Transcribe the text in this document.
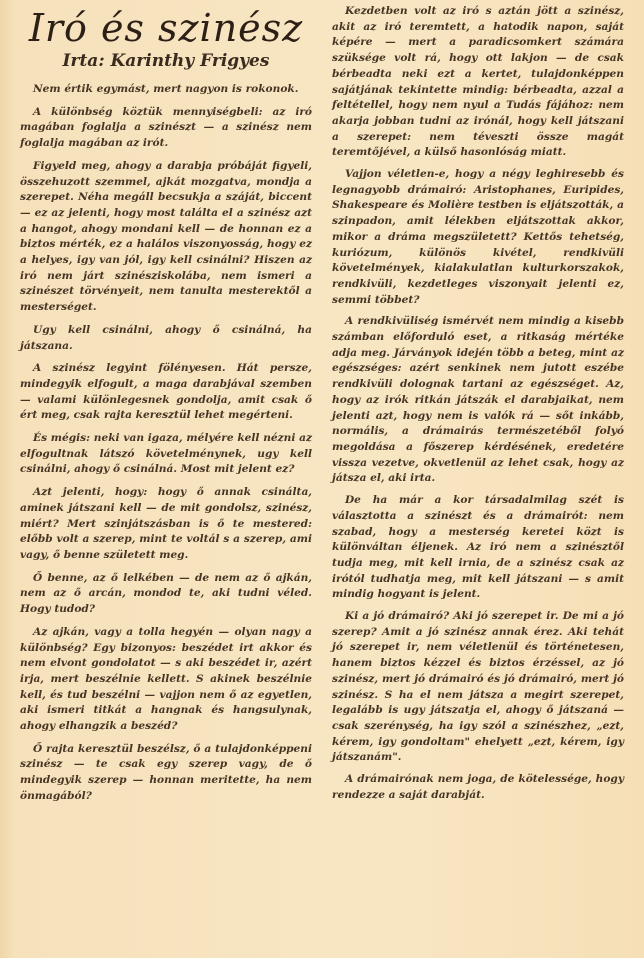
Iró és szinész
Irta: Karinthy Frigyes

Nem értik egymást, mert nagyon is rokonok.

A különbség köztük mennyiségbeli: az iró magában foglalja a szinészt — a szinész nem foglalja magában az irót.

Figyeld meg, ahogy a darabja próbáját figyeli, összehuzott szemmel, ajkát mozgatva, mondja a szerepet. Néha megáll becsukja a száját, biccent — ez az jelenti, hogy most találta el a szinész azt a hangot, ahogy mondani kell — de honnan ez a biztos mérték, ez a halálos viszonyosság, hogy ez a helyes, igy van jól, igy kell csinálni? Hiszen az iró nem járt szinésziskolába, nem ismeri a szinészet törvényeit, nem tanulta mesterektől a mesterséget.

Ugy kell csinálni, ahogy ő csinálná, ha játszana.

A szinész legyint fölényesen. Hát persze, mindegyik elfogult, a maga darabjával szemben — valami különlegesnek gondolja, amit csak ő ért meg, csak rajta keresztül lehet megérteni.

És mégis: neki van igaza, mélyére kell nézni az elfogultnak látszó követelménynek, ugy kell csinálni, ahogy ő csinálná. Most mit jelent ez?

Azt jelenti, hogy: hogy ő annak csinálta, aminek játszani kell — de mit gondolsz, szinész, miért? Mert szinjátszásban is ő te mestered: előbb volt a szerep, mint te voltál s a szerep, ami vagy, ő benne született meg.

Ő benne, az ő lelkében — de nem az ő ajkán, nem az ő arcán, mondod te, aki tudni véled. Hogy tudod?

Az ajkán, vagy a tolla hegyén — olyan nagy a különbség? Egy bizonyos: beszédet irt akkor és nem elvont gondolatot — s aki beszédet ir, azért irja, mert beszélnie kellett. S akinek beszélnie kell, és tud beszélni — vajjon nem ő az egyetlen, aki ismeri titkát a hangnak és hangsulynak, ahogy elhangzik a beszéd?

Ő rajta keresztül beszélsz, ő a tulajdonképpeni szinész — te csak egy szerep vagy, de ő mindegyik szerep — honnan meritette, ha nem önmagából?

Kezdetben volt az iró s aztán jött a szinész, akit az iró teremtett, a hatodik napon, saját képére — mert a paradicsomkert számára szüksége volt rá, hogy ott lakjon — de csak bérbeadta neki ezt a kertet, tulajdonképpen sajátjának tekintette mindig: bérbeadta, azzal a feltétellel, hogy nem nyul a Tudás fájához: nem akarja jobban tudni az irónál, hogy kell játszani a szerepet: nem téveszti össze magát teremtőjével, a külső hasonlóság miatt.

Vajjon véletlen-e, hogy a négy leghiresebb és legnagyobb drámairó: Aristophanes, Euripides, Shakespeare és Molière testben is eljátszották, a szinpadon, amit lélekben eljátszottak akkor, mikor a dráma megszületett? Kettős tehetség, kuriózum, különös kivétel, rendkivüli követelmények, kialakulatlan kulturkorszakok, rendkivüli, kezdetleges viszonyait jelenti ez, semmi többet?

A rendkivüliség ismérvét nem mindig a kisebb számban előforduló eset, a ritkaság mértéke adja meg. Járványok idején több a beteg, mint az egészséges: azért senkinek nem jutott eszébe rendkivüli dolognak tartani az egészséget. Az, hogy az irók ritkán játszák el darabjaikat, nem jelenti azt, hogy nem is valók rá — sőt inkább, normális, a drámairás természetéből folyó megoldása a főszerep kérdésének, eredetére vissza vezetve, okvetlenül az lehet csak, hogy az játsza el, aki irta.

De ha már a kor társadalmilag szét is választotta a szinészt és a drámairót: nem szabad, hogy a mesterség keretei közt is különváltan éljenek. Az iró nem a szinésztől tudja meg, mit kell irnia, de a szinész csak az irótól tudhatja meg, mit kell játszani — s amit mindig hogyant is jelent.

Ki a jó drámairó? Aki jó szerepet ir. De mi a jó szerep? Amit a jó szinész annak érez. Aki tehát jó szerepet ir, nem véletlenül és történetesen, hanem biztos kézzel és biztos érzéssel, az jó szinész, mert jó drámairó és jó drámairó, mert jó szinész. S ha el nem játsza a megirt szerepet, legalább is ugy játszatja el, ahogy ő játszaná — csak szerénység, ha igy szól a szinészhez, „ezt, kérem, igy gondoltam" ehelyett „ezt, kérem, igy játszanám".

A drámairónak nem joga, de kötelessége, hogy rendezze a saját darabját.
